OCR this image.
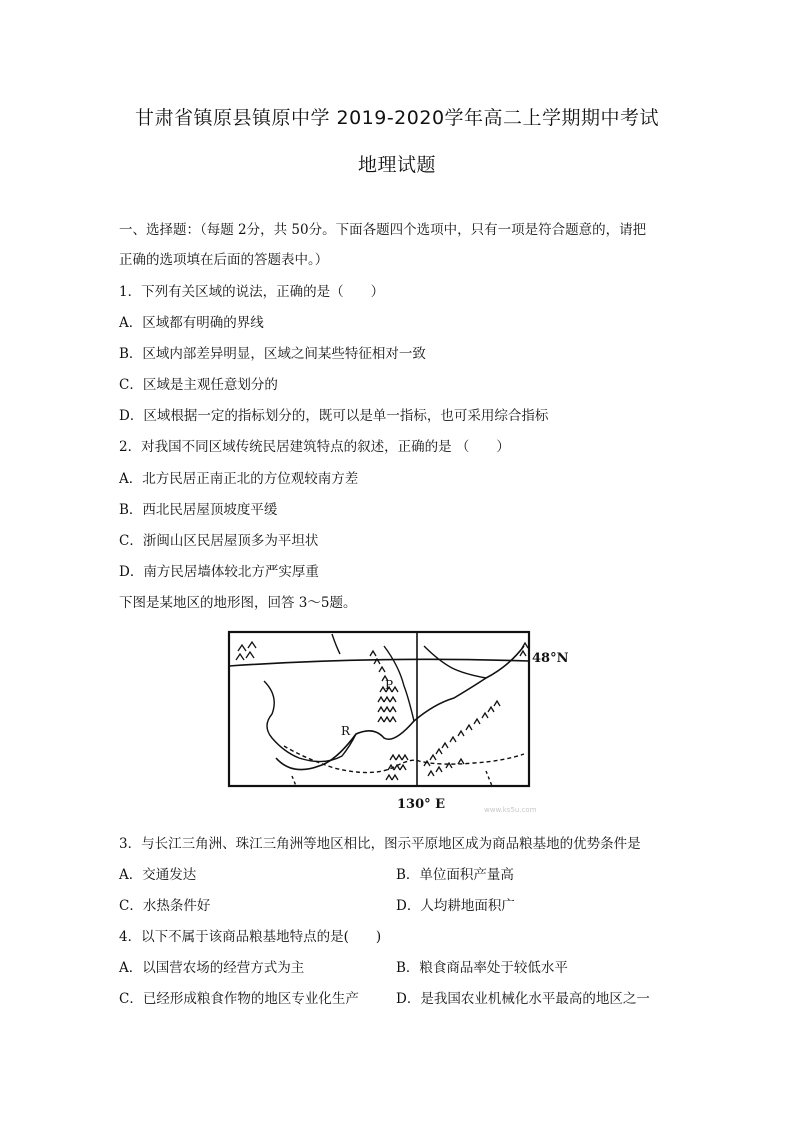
甘肃省镇原县镇原中学 2019-2020学年高二上学期期中考试
地理试题
一、选择题：（每题 2分，共 50分。下面各题四个选项中，只有一项是符合题意的，请把
正确的选项填在后面的答题表中。）
1．下列有关区域的说法，正确的是（　　）
A．区域都有明确的界线
B．区域内部差异明显，区域之间某些特征相对一致
C．区域是主观任意划分的
D．区域根据一定的指标划分的，既可以是单一指标，也可采用综合指标
2．对我国不同区域传统民居建筑特点的叙述，正确的是 （　　）
A．北方民居正南正北的方位观较南方差
B．西北民居屋顶坡度平缓
C．浙闽山区民居屋顶多为平坦状
D．南方民居墙体较北方严实厚重
下图是某地区的地形图，回答 3～5题。
P
R
48°N
130° E	www.ks5u.com
3．与长江三角洲、珠江三角洲等地区相比，图示平原地区成为商品粮基地的优势条件是
A．交通发达	B．单位面积产量高
C．水热条件好	D．人均耕地面积广
4．以下不属于该商品粮基地特点的是(　　)
A．以国营农场的经营方式为主	B．粮食商品率处于较低水平
C．已经形成粮食作物的地区专业化生产	D．是我国农业机械化水平最高的地区之一
